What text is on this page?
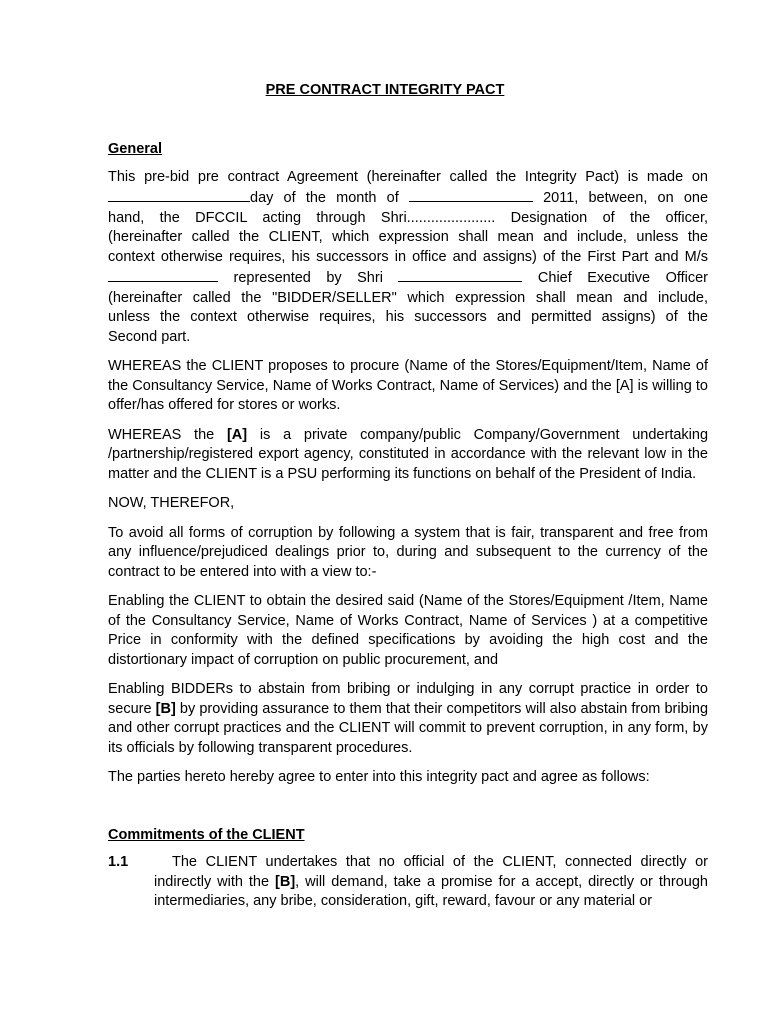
PRE CONTRACT INTEGRITY PACT

General

This pre-bid pre contract Agreement (hereinafter called the Integrity Pact) is made on
day of the month of	2011, between, on one
hand, the DFCCIL acting through Shri...................... Designation of the officer,
(hereinafter called the CLIENT, which expression shall mean and include, unless the
context otherwise requires, his successors in office and assigns) of the First Part and M/s
represented by Shri	Chief Executive Officer
(hereinafter called the "BIDDER/SELLER" which expression shall mean and include,
unless the context otherwise requires, his successors and permitted assigns) of the
Second part.

WHEREAS the CLIENT proposes to procure (Name of the Stores/Equipment/Item, Name of the Consultancy Service, Name of Works Contract, Name of Services) and the [A] is willing to offer/has offered for stores or works.

WHEREAS the [A] is a private company/public Company/Government undertaking /partnership/registered export agency, constituted in accordance with the relevant low in the matter and the CLIENT is a PSU performing its functions on behalf of the President of India.

NOW, THEREFOR,

To avoid all forms of corruption by following a system that is fair, transparent and free from any influence/prejudiced dealings prior to, during and subsequent to the currency of the contract to be entered into with a view to:-

Enabling the CLIENT to obtain the desired said (Name of the Stores/Equipment /Item, Name of the Consultancy Service, Name of Works Contract, Name of Services ) at a competitive Price in conformity with the defined specifications by avoiding the high cost and the distortionary impact of corruption on public procurement, and

Enabling BIDDERs to abstain from bribing or indulging in any corrupt practice in order to secure [B] by providing assurance to them that their competitors will also abstain from bribing and other corrupt practices and the CLIENT will commit to prevent corruption, in any form, by its officials by following transparent procedures.

The parties hereto hereby agree to enter into this integrity pact and agree as follows:

Commitments of the CLIENT

1.1	The CLIENT undertakes that no official of the CLIENT, connected directly or indirectly with the [B], will demand, take a promise for a accept, directly or through intermediaries, any bribe, consideration, gift, reward, favour or any material or
